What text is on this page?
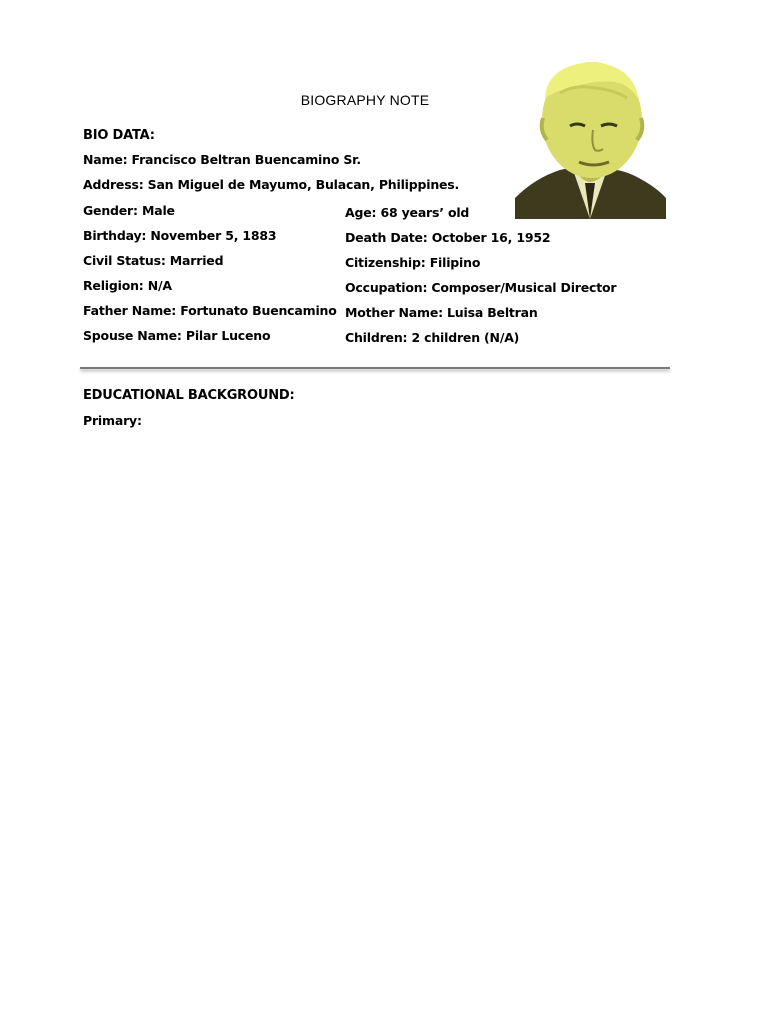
BIOGRAPHY NOTE
BIO DATA:
Name: Francisco Beltran Buencamino Sr.
Address: San Miguel de Mayumo, Bulacan, Philippines.
Gender: Male
Birthday: November 5, 1883
Civil Status: Married
Religion: N/A
Father Name: Fortunato Buencamino
Spouse Name: Pilar Luceno
Age: 68 years’ old
Death Date: October 16, 1952
Citizenship: Filipino
Occupation: Composer/Musical Director
Mother Name: Luisa Beltran
Children: 2 children (N/A)
EDUCATIONAL BACKGROUND:
Primary:
